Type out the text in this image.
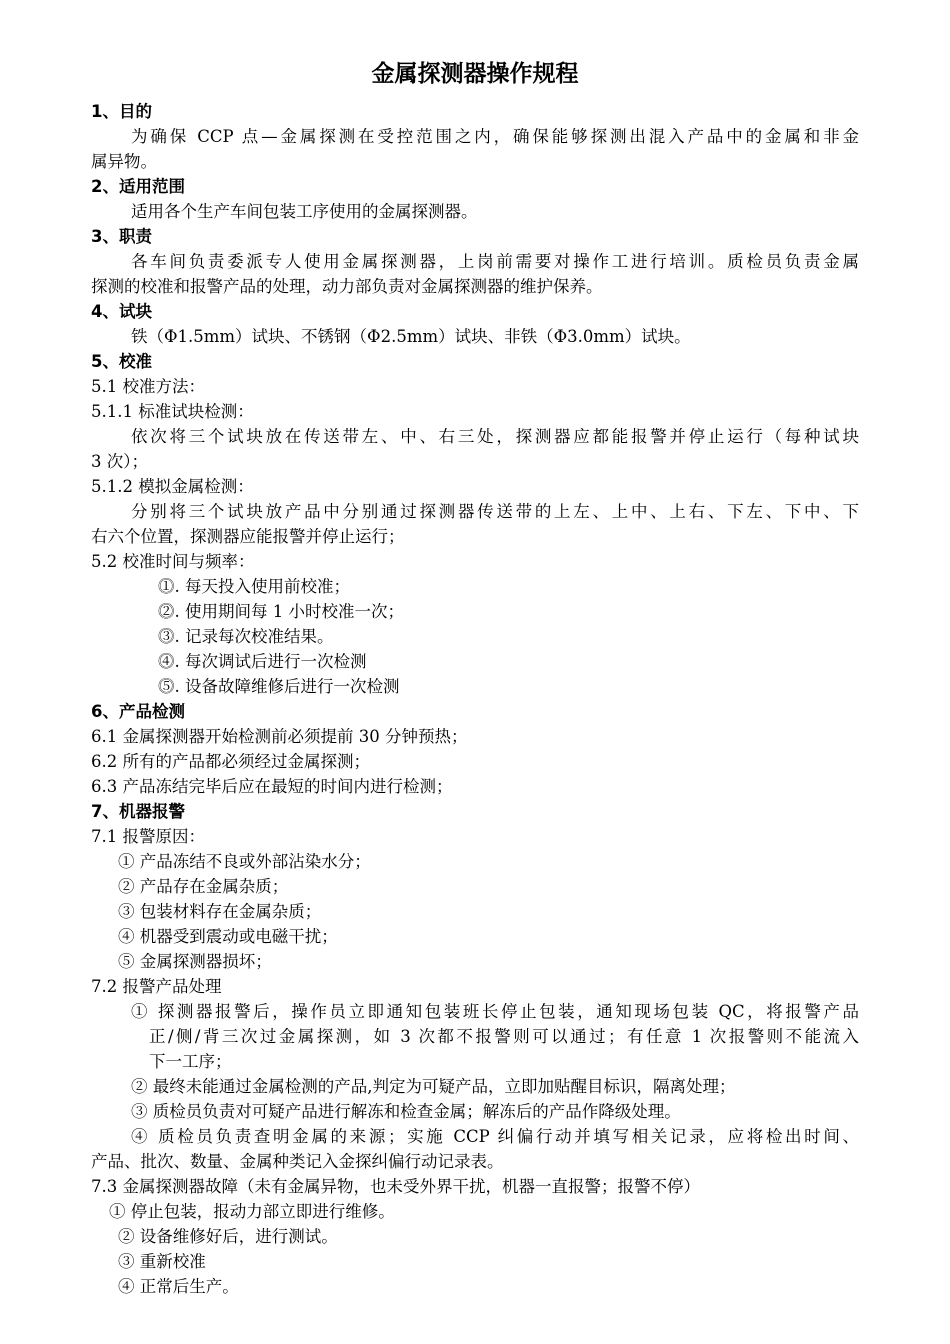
金属探测器操作规程
1、目的
为确保 CCP 点—金属探测在受控范围之内，确保能够探测出混入产品中的金属和非金
属异物。
2、适用范围
适用各个生产车间包装工序使用的金属探测器。
3、职责
各车间负责委派专人使用金属探测器，上岗前需要对操作工进行培训。质检员负责金属
探测的校准和报警产品的处理，动力部负责对金属探测器的维护保养。
4、试块
铁（Φ1.5mm）试块、不锈钢（Φ2.5mm）试块、非铁（Φ3.0mm）试块。
5、校准
5.1 校准方法：
5.1.1 标准试块检测：
依次将三个试块放在传送带左、中、右三处，探测器应都能报警并停止运行（每种试块
3 次）；
5.1.2 模拟金属检测：
分别将三个试块放产品中分别通过探测器传送带的上左、上中、上右、下左、下中、下
右六个位置，探测器应能报警并停止运行；
5.2 校准时间与频率：
⓵. 每天投入使用前校准；
⓶. 使用期间每 1 小时校准一次；
⓷. 记录每次校准结果。
⓸. 每次调试后进行一次检测
⓹. 设备故障维修后进行一次检测
6、产品检测
6.1 金属探测器开始检测前必须提前 30 分钟预热；
6.2 所有的产品都必须经过金属探测；
6.3 产品冻结完毕后应在最短的时间内进行检测；
7、机器报警
7.1 报警原因：
① 产品冻结不良或外部沾染水分；
② 产品存在金属杂质；
③ 包装材料存在金属杂质；
④ 机器受到震动或电磁干扰；
⑤ 金属探测器损坏；
7.2 报警产品处理
① 探测器报警后，操作员立即通知包装班长停止包装，通知现场包装 QC，将报警产品
正/侧/背三次过金属探测，如 3 次都不报警则可以通过；有任意 1 次报警则不能流入
下一工序；
② 最终未能通过金属检测的产品,判定为可疑产品，立即加贴醒目标识，隔离处理；
③ 质检员负责对可疑产品进行解冻和检查金属；解冻后的产品作降级处理。
④ 质检员负责查明金属的来源；实施 CCP 纠偏行动并填写相关记录，应将检出时间、
产品、批次、数量、金属种类记入金探纠偏行动记录表。
7.3 金属探测器故障（未有金属异物，也未受外界干扰，机器一直报警；报警不停）
① 停止包装，报动力部立即进行维修。
② 设备维修好后，进行测试。
③ 重新校准
④ 正常后生产。
